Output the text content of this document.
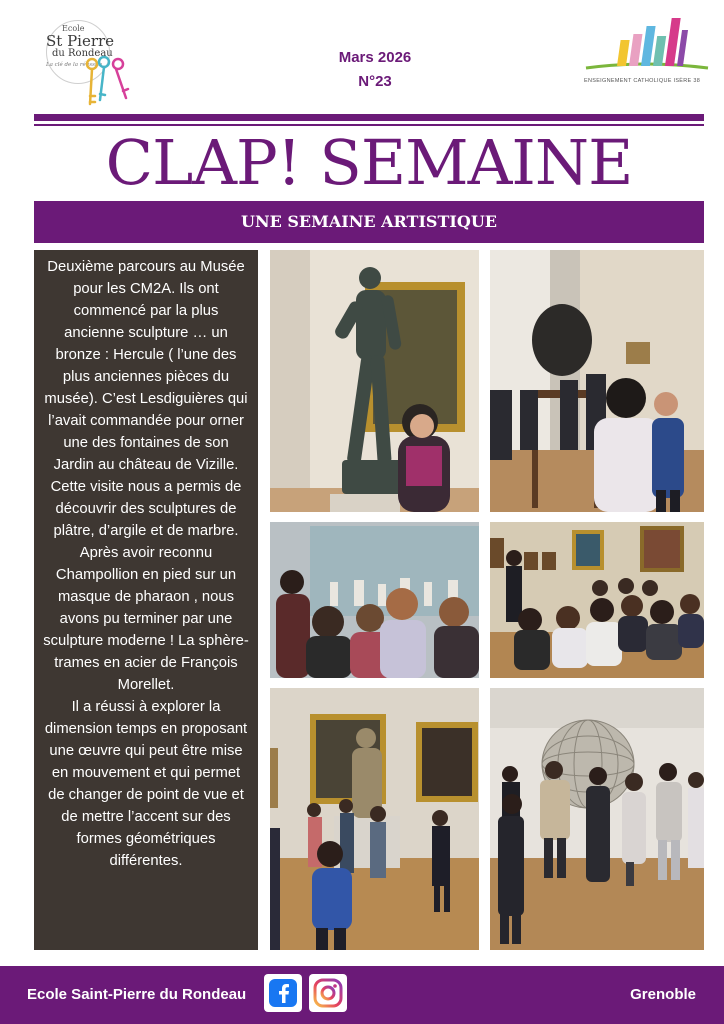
Ecole
St Pierre
du Rondeau
La clé de la réussite	Mars 2026
N°23	ENSEIGNEMENT CATHOLIQUE ISÈRE 38
CLAP! SEMAINE
UNE SEMAINE ARTISTIQUE

Deuxième parcours au Musée pour les CM2A. Ils ont commencé par la plus ancienne sculpture … un bronze : Hercule ( l’une des plus anciennes pièces du musée). C’est Lesdiguières qui l’avait commandée pour orner une des fontaines de son Jardin au château de Vizille. Cette visite nous a permis de découvrir des sculptures de plâtre, d’argile et de marbre. Après avoir reconnu Champollion en pied sur un masque de pharaon , nous avons pu terminer par une sculpture moderne ! La sphère-trames en acier de François Morellet.

Il a réussi à explorer la dimension temps en proposant une œuvre qui peut être mise en mouvement et qui permet de changer de point de vue et de mettre l’accent sur des formes géométriques différentes.

Ecole Saint-Pierre du Rondeau	Grenoble
